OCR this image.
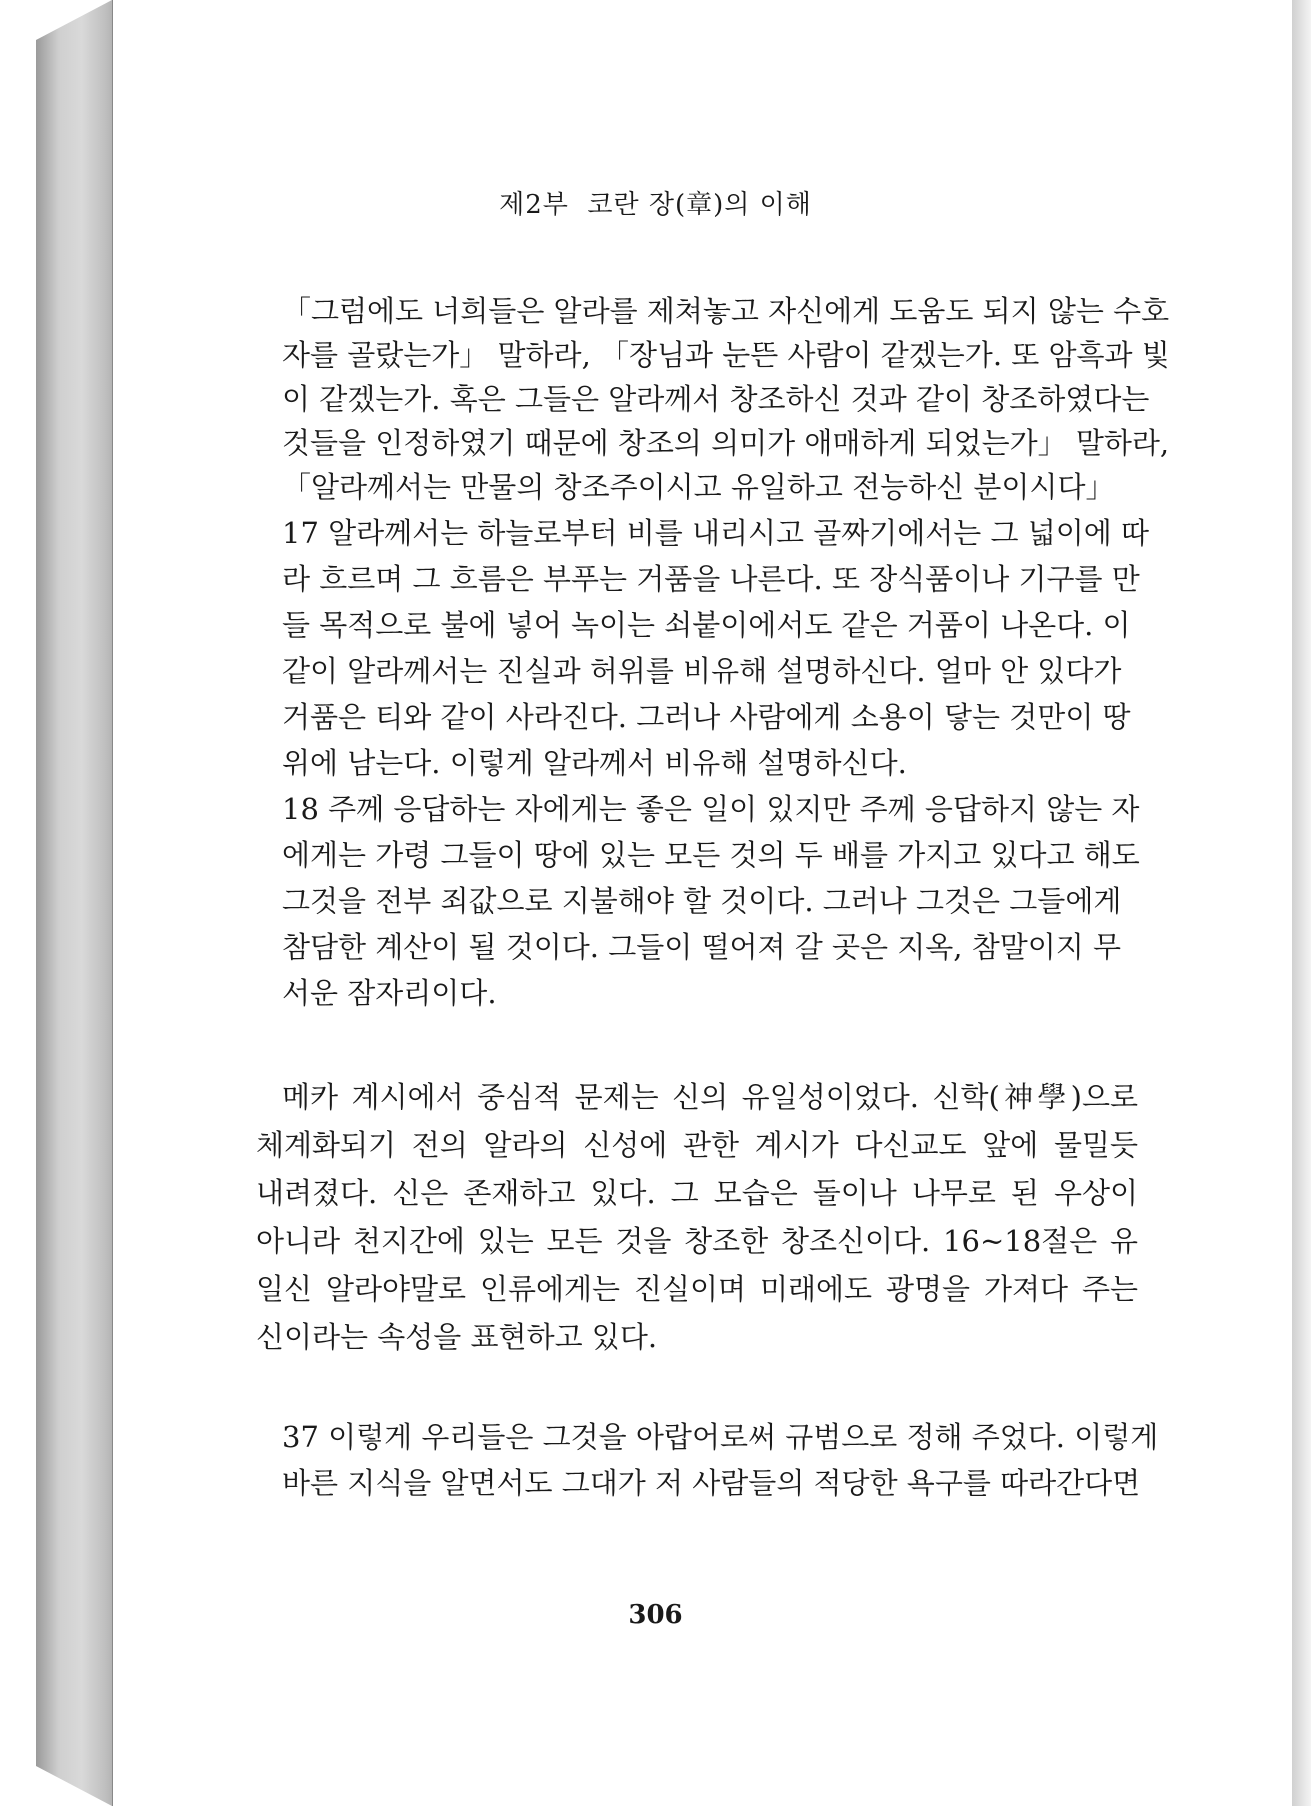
제2부  코란 장(章)의 이해
「그럼에도 너희들은 알라를 제쳐놓고 자신에게 도움도 되지 않는 수호
자를 골랐는가」 말하라, 「장님과 눈뜬 사람이 같겠는가. 또 암흑과 빛
이 같겠는가. 혹은 그들은 알라께서 창조하신 것과 같이 창조하였다는
것들을 인정하였기 때문에 창조의 의미가 애매하게 되었는가」 말하라,
「알라께서는 만물의 창조주이시고 유일하고 전능하신 분이시다」
17 알라께서는 하늘로부터 비를 내리시고 골짜기에서는 그 넓이에 따
라 흐르며 그 흐름은 부푸는 거품을 나른다. 또 장식품이나 기구를 만
들 목적으로 불에 넣어 녹이는 쇠붙이에서도 같은 거품이 나온다. 이
같이 알라께서는 진실과 허위를 비유해 설명하신다. 얼마 안 있다가
거품은 티와 같이 사라진다. 그러나 사람에게 소용이 닿는 것만이 땅
위에 남는다. 이렇게 알라께서 비유해 설명하신다.
18 주께 응답하는 자에게는 좋은 일이 있지만 주께 응답하지 않는 자
에게는 가령 그들이 땅에 있는 모든 것의 두 배를 가지고 있다고 해도
그것을 전부 죄값으로 지불해야 할 것이다. 그러나 그것은 그들에게
참담한 계산이 될 것이다. 그들이 떨어져 갈 곳은 지옥, 참말이지 무
서운 잠자리이다.
메카 계시에서 중심적 문제는 신의 유일성이었다. 신학(神學)으로
체계화되기 전의 알라의 신성에 관한 계시가 다신교도 앞에 물밀듯
내려졌다. 신은 존재하고 있다. 그 모습은 돌이나 나무로 된 우상이
아니라 천지간에 있는 모든 것을 창조한 창조신이다. 16~18절은 유
일신 알라야말로 인류에게는 진실이며 미래에도 광명을 가져다 주는
신이라는 속성을 표현하고 있다.
37 이렇게 우리들은 그것을 아랍어로써 규범으로 정해 주었다. 이렇게
바른 지식을 알면서도 그대가 저 사람들의 적당한 욕구를 따라간다면
306
